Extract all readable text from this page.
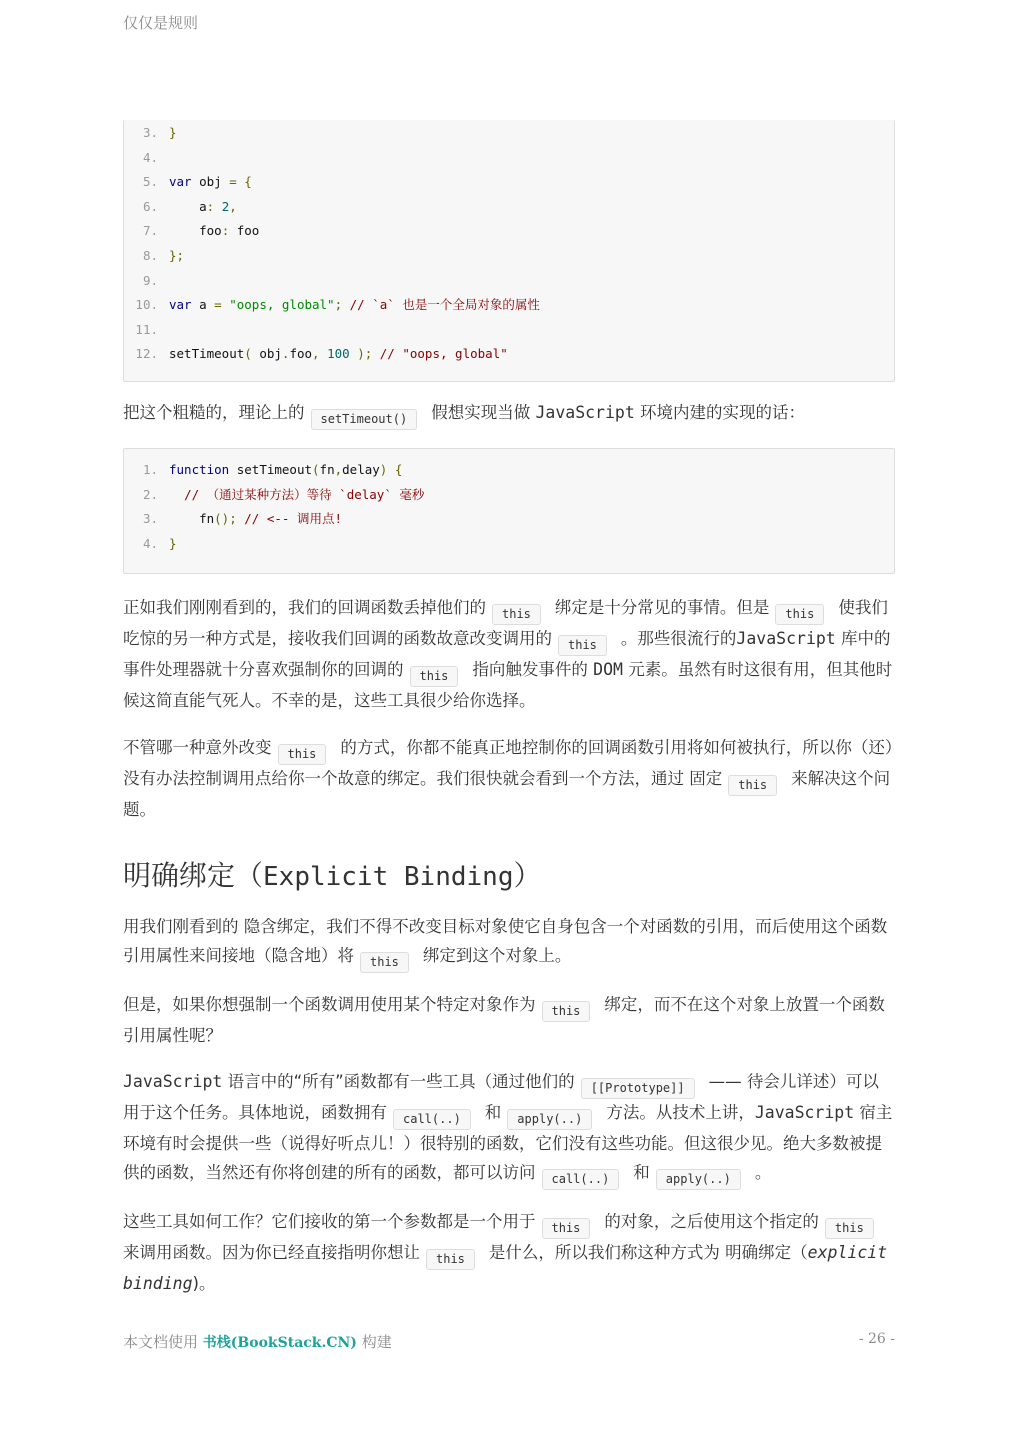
仅仅是规则
3. }
4.
5. var obj = {
6. a: 2,
7. foo: foo
8. };
9.
10. var a = "oops, global"; // `a` 也是一个全局对象的属性
11.
12. setTimeout( obj.foo, 100 ); // "oops, global"

把这个粗糙的，理论上的 setTimeout() 假想实现当做 JavaScript 环境内建的实现的话：

1. function setTimeout(fn,delay) {
2.	// （通过某种方法）等待 `delay` 毫秒
3. fn(); // <-- 调用点!
4. }

正如我们刚刚看到的，我们的回调函数丢掉他们的 this 绑定是十分常见的事情。但是 this 使我们吃惊的另一种方式是，接收我们回调的函数故意改变调用的 this 。那些很流行的JavaScript 库中的事件处理器就十分喜欢强制你的回调的 this 指向触发事件的 DOM 元素。虽然有时这很有用，但其他时候这简直能气死人。不幸的是，这些工具很少给你选择。

不管哪一种意外改变 this 的方式，你都不能真正地控制你的回调函数引用将如何被执行，所以你（还）没有办法控制调用点给你一个故意的绑定。我们很快就会看到一个方法，通过 固定 this 来解决这个问题。

明确绑定（Explicit Binding）

用我们刚看到的 隐含绑定，我们不得不改变目标对象使它自身包含一个对函数的引用，而后使用这个函数引用属性来间接地（隐含地）将 this 绑定到这个对象上。

但是，如果你想强制一个函数调用使用某个特定对象作为 this 绑定，而不在这个对象上放置一个函数引用属性呢？

JavaScript 语言中的“所有”函数都有一些工具（通过他们的 [[Prototype]] —— 待会儿详述）可以用于这个任务。具体地说，函数拥有 call(..) 和 apply(..) 方法。从技术上讲，JavaScript 宿主环境有时会提供一些（说得好听点儿！）很特别的函数，它们没有这些功能。但这很少见。绝大多数被提供的函数，当然还有你将创建的所有的函数，都可以访问 call(..) 和 apply(..) 。

这些工具如何工作？它们接收的第一个参数都是一个用于 this 的对象，之后使用这个指定的 this来调用函数。因为你已经直接指明你想让 this 是什么，所以我们称这种方式为 明确绑定（explicit binding)。

本文档使用 书栈(BookStack.CN) 构建	- 26 -
